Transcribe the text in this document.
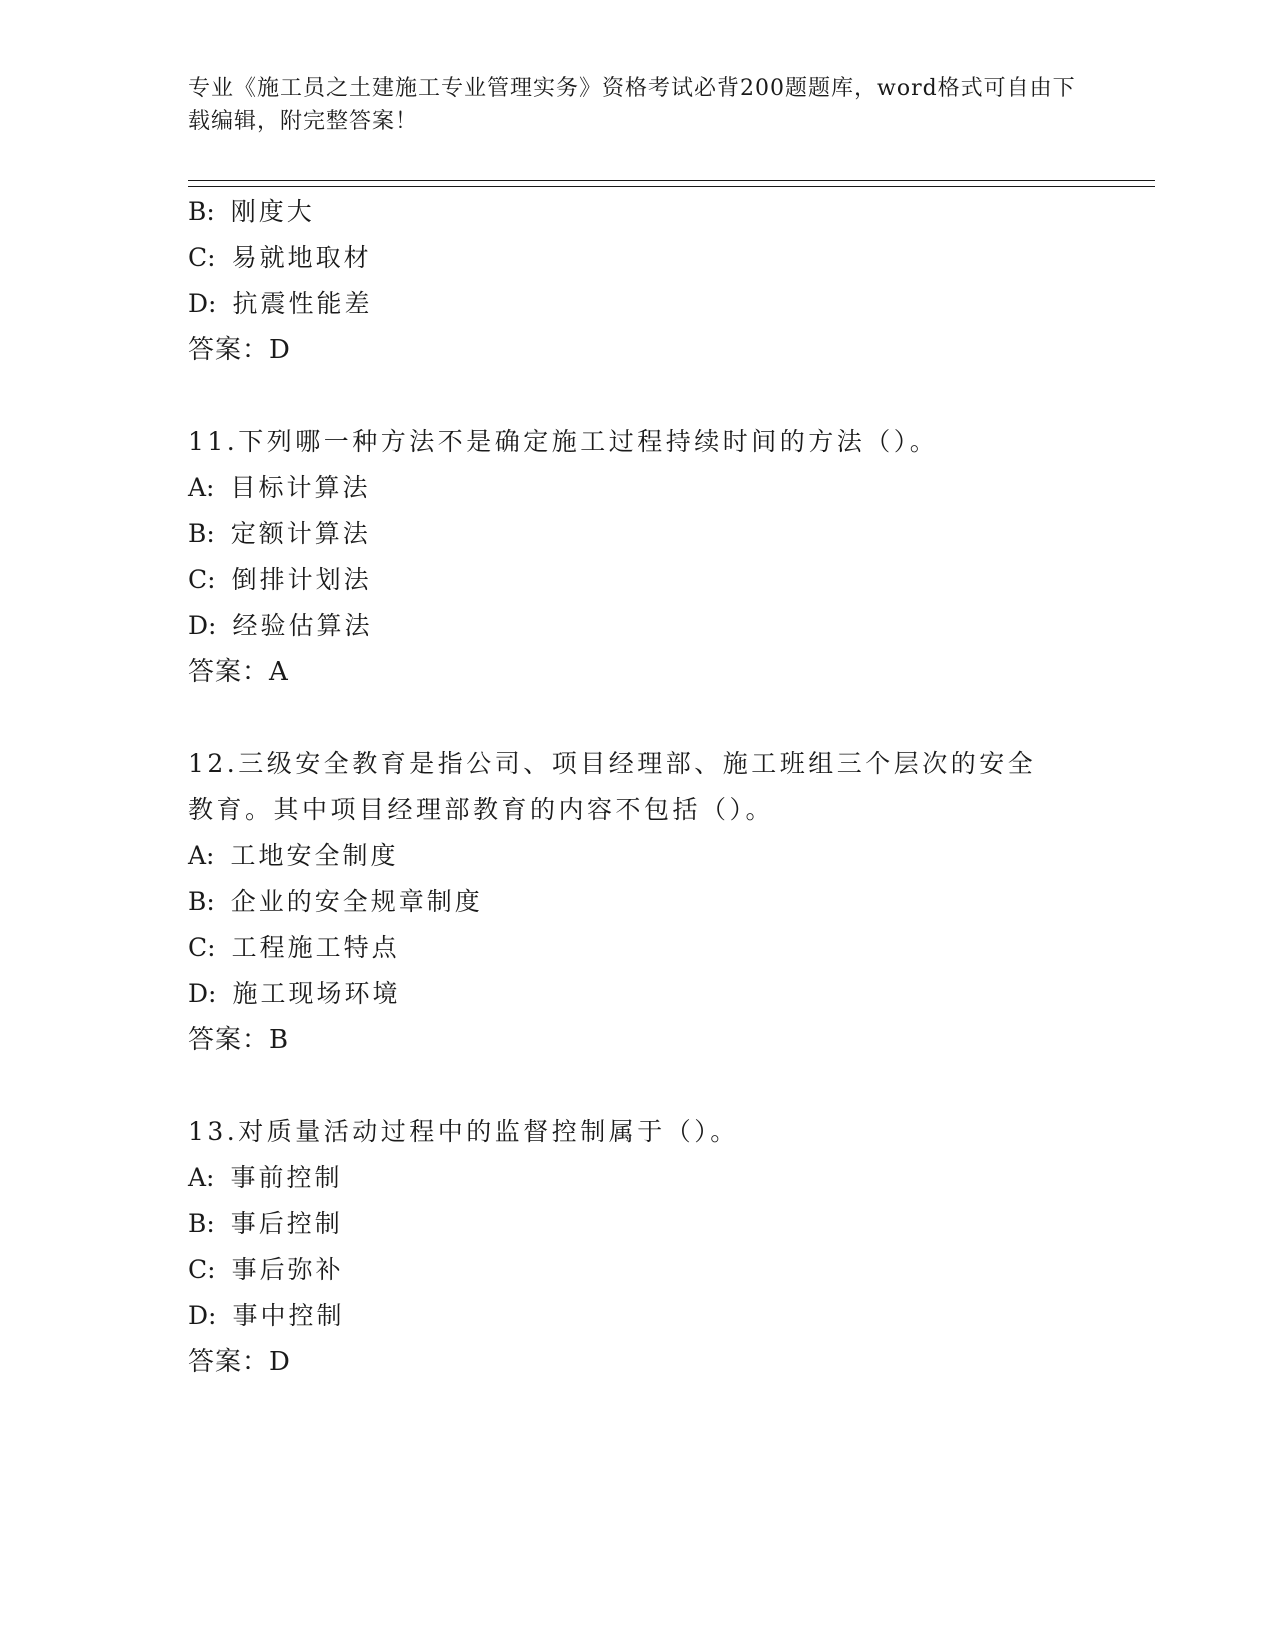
专业《施工员之土建施工专业管理实务》资格考试必背200题题库，word格式可自由下载编辑，附完整答案！
B: 刚度大
C: 易就地取材
D: 抗震性能差
答案：D
11.下列哪一种方法不是确定施工过程持续时间的方法（）。
A: 目标计算法
B: 定额计算法
C: 倒排计划法
D: 经验估算法
答案：A
12.三级安全教育是指公司、项目经理部、施工班组三个层次的安全教育。其中项目经理部教育的内容不包括（）。
A: 工地安全制度
B: 企业的安全规章制度
C: 工程施工特点
D: 施工现场环境
答案：B
13.对质量活动过程中的监督控制属于（）。
A: 事前控制
B: 事后控制
C: 事后弥补
D: 事中控制
答案：D
